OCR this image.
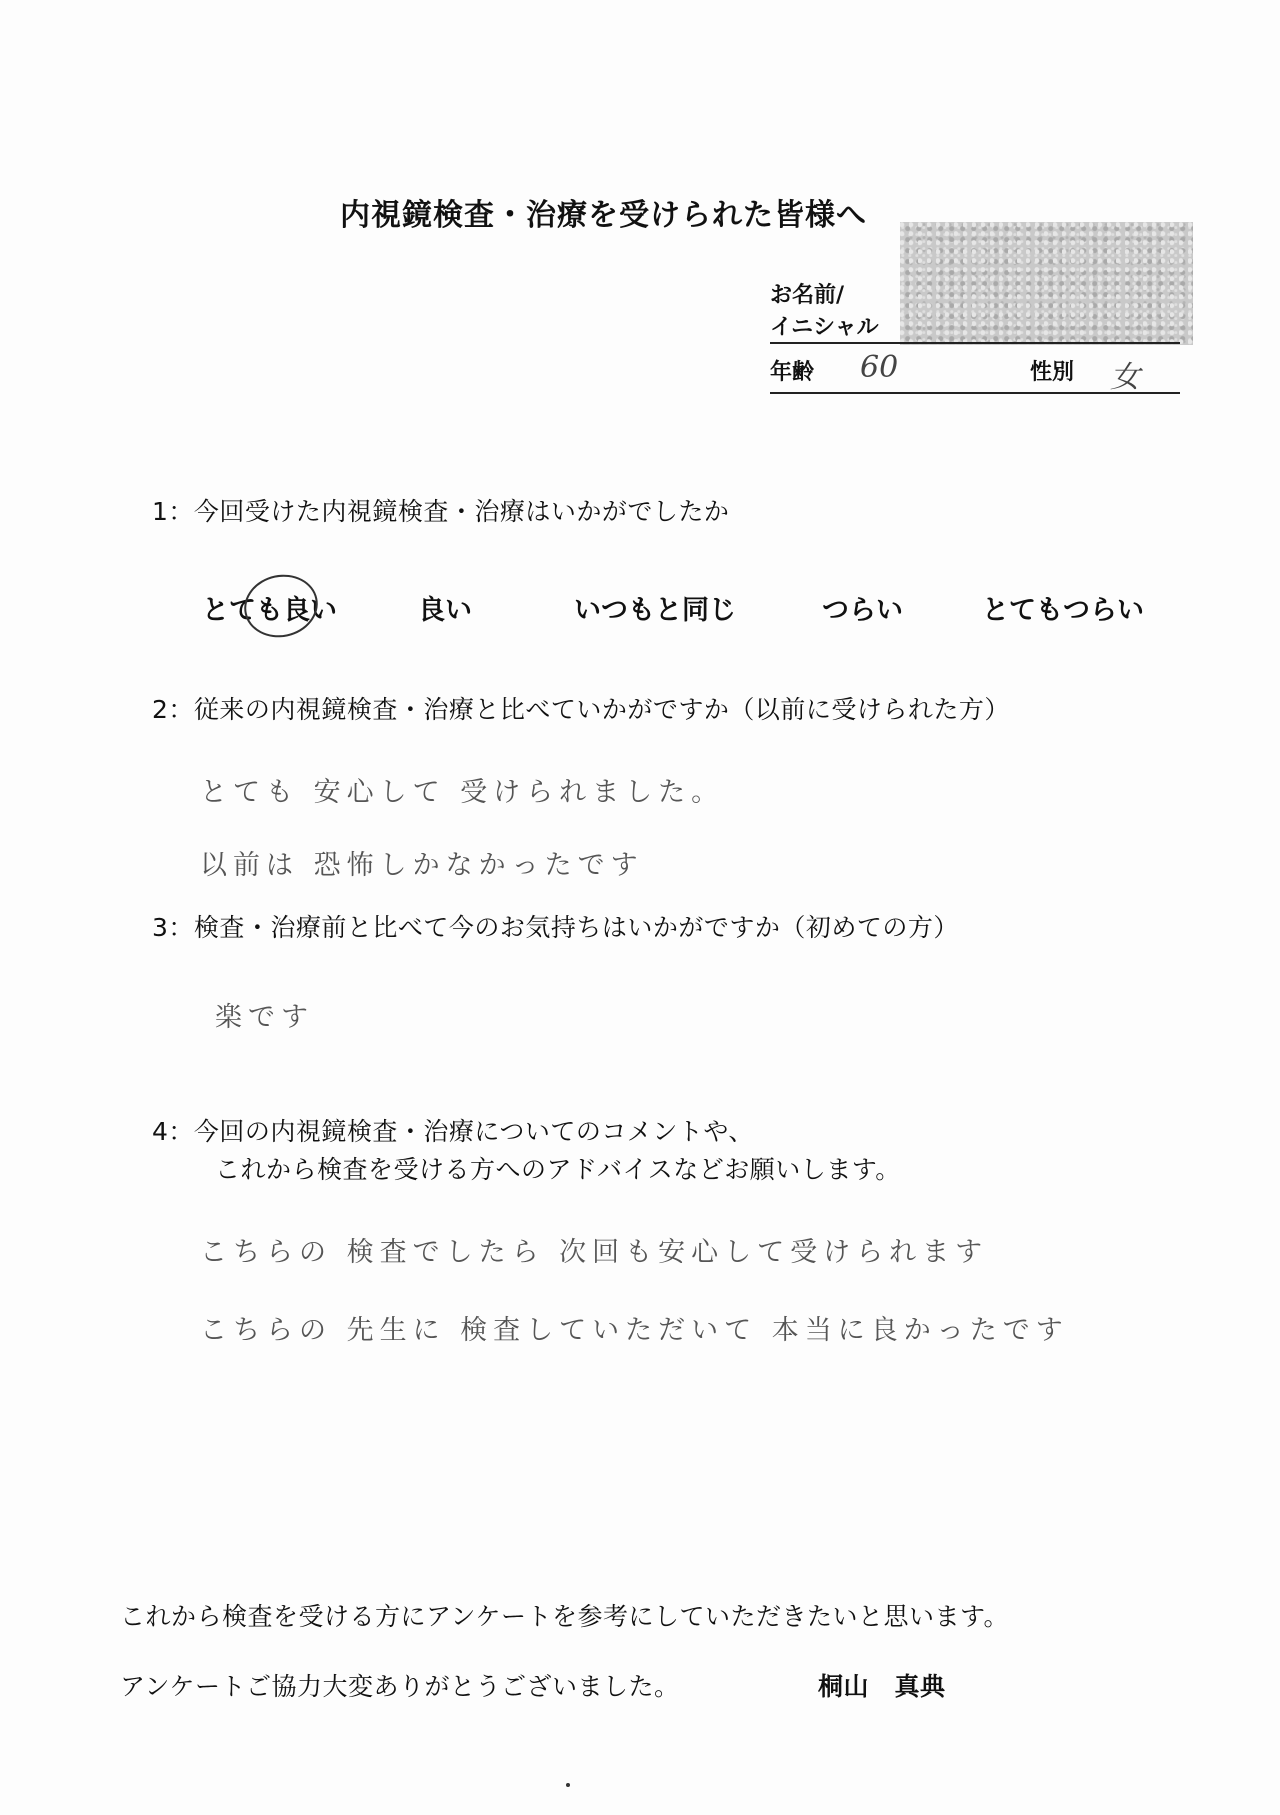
内視鏡検査・治療を受けられた皆様へ
お名前/
イニシャル
年齢 60	性別 女
1：今回受けた内視鏡検査・治療はいかがでしたか
とても良い	良い	いつもと同じ	つらい	とてもつらい
2：従来の内視鏡検査・治療と比べていかがですか（以前に受けられた方）
とても 安心して 受けられました。
以前は 恐怖しかなかったです
3：検査・治療前と比べて今のお気持ちはいかがですか（初めての方）
楽です
4：今回の内視鏡検査・治療についてのコメントや、
これから検査を受ける方へのアドバイスなどお願いします。
こちらの 検査でしたら 次回も安心して受けられます
こちらの 先生に 検査していただいて 本当に良かったです
これから検査を受ける方にアンケートを参考にしていただきたいと思います。
アンケートご協力大変ありがとうございました。	桐山　真典
